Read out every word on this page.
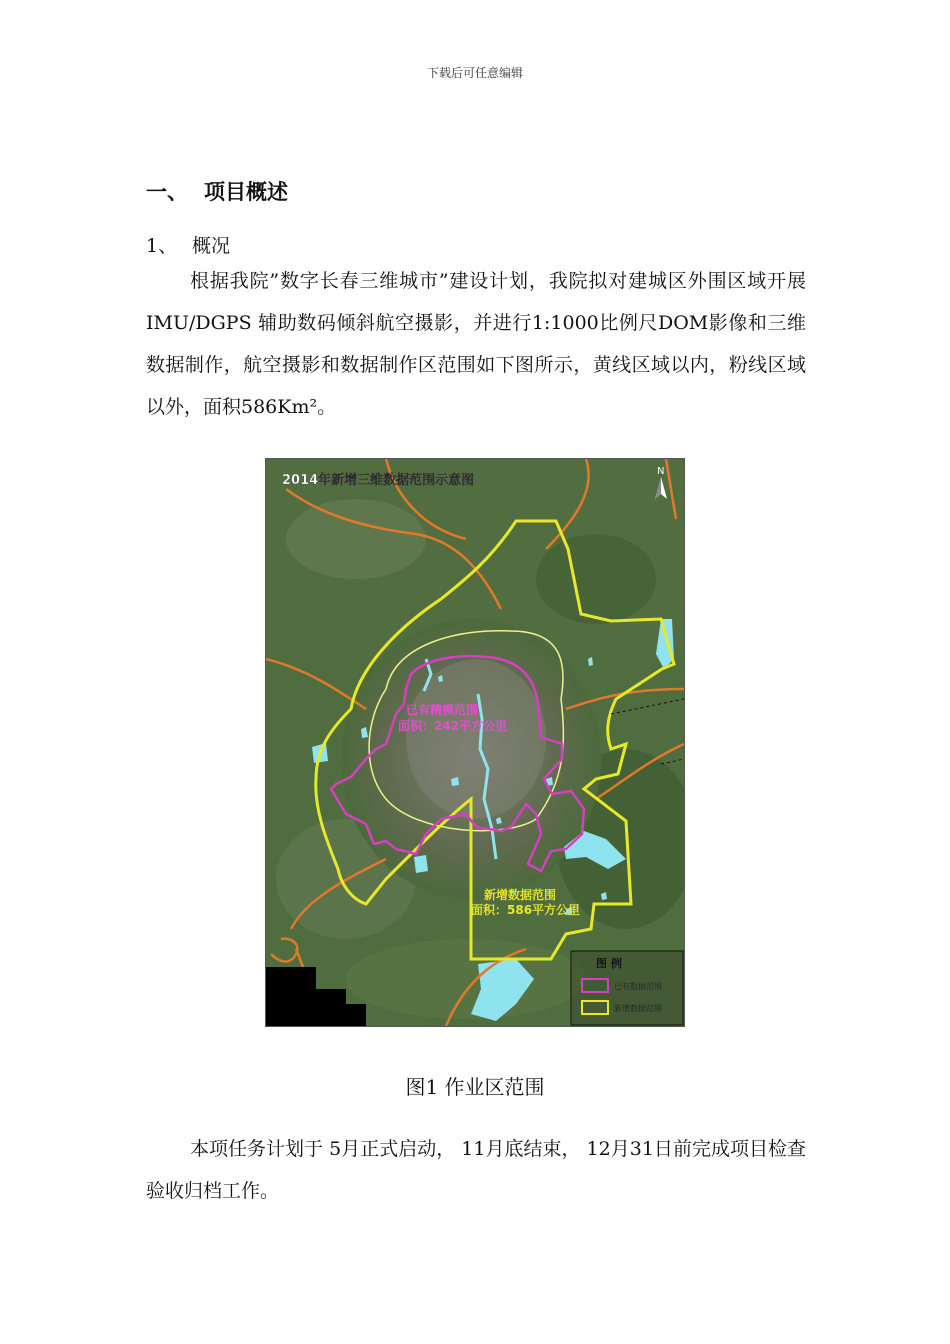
下载后可任意编辑
一、 项目概述
1、 概况

根据我院”数字长春三维城市”建设计划，我院拟对建城区外围区域开展IMU/DGPS 辅助数码倾斜航空摄影，并进行1:1000比例尺DOM影像和三维数据制作，航空摄影和数据制作区范围如下图所示，黄线区域以内，粉线区域以外，面积586Km²。

2014年新增三维数据范围示意图
N
已有精模范围
面积：242平方公里
新增数据范围
面积：586平方公里
图 例
已有数据范围
新增数据范围
图1 作业区范围

本项任务计划于 5月正式启动， 11月底结束， 12月31日前完成项目检查验收归档工作。
